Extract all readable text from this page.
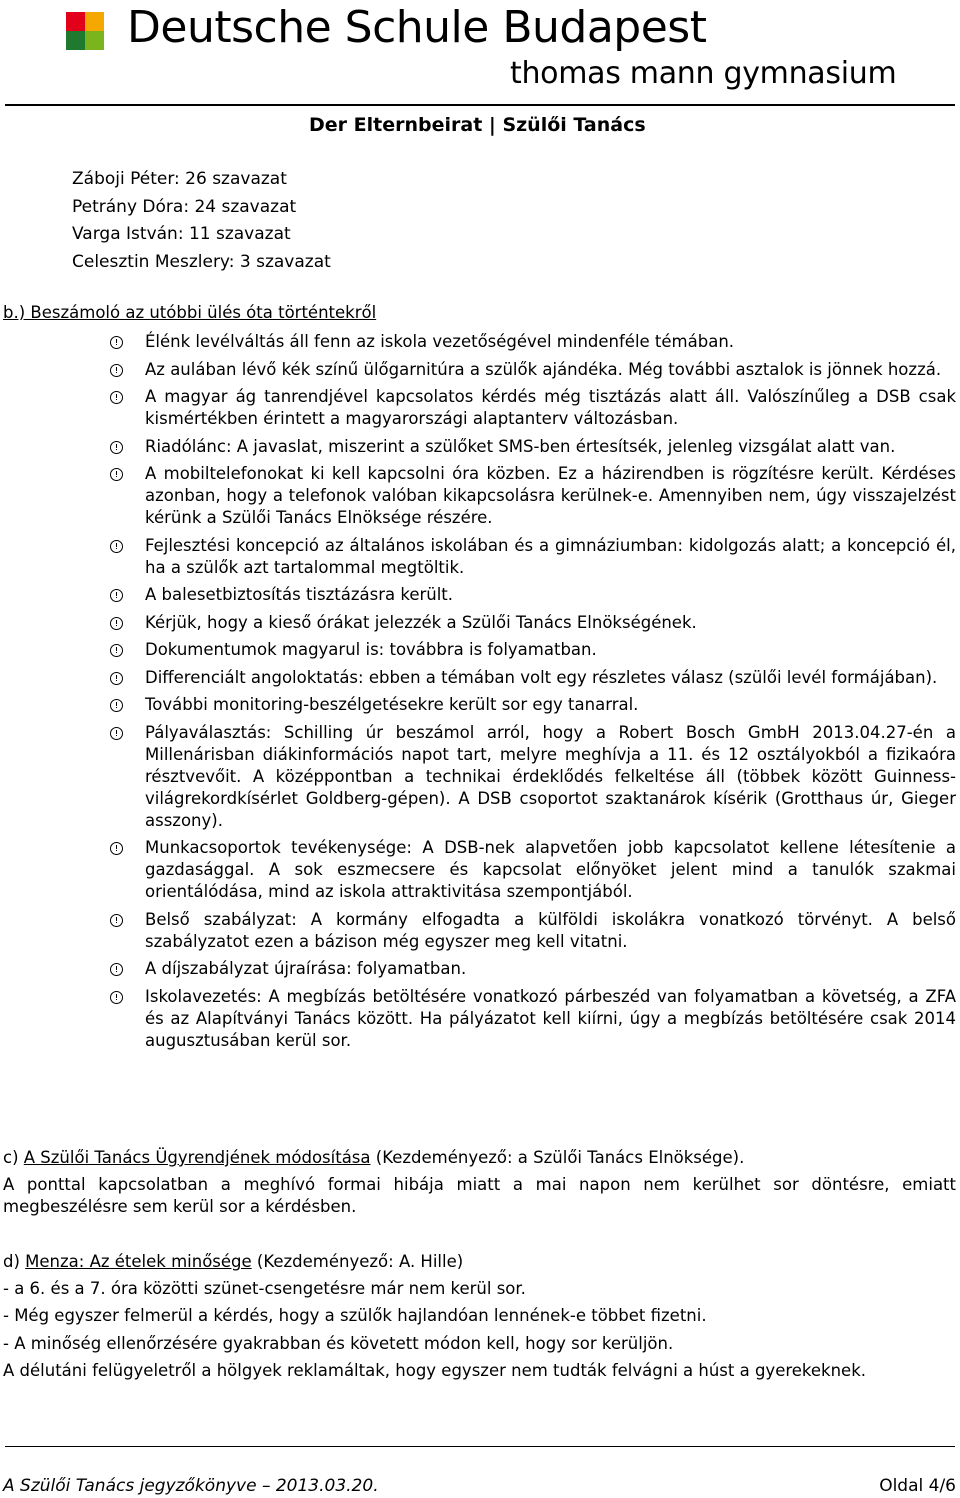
Deutsche Schule Budapest
thomas mann gymnasium
Der Elternbeirat | Szülői Tanács
Záboji Péter: 26 szavazat
Petrány Dóra: 24 szavazat
Varga István: 11 szavazat
Celesztin Meszlery: 3 szavazat
b.) Beszámoló az utóbbi ülés óta történtekről
Élénk levélváltás áll fenn az iskola vezetőségével mindenféle témában.
Az aulában lévő kék színű ülőgarnitúra a szülők ajándéka. Még további asztalok is jönnek hozzá.
A magyar ág tanrendjével kapcsolatos kérdés még tisztázás alatt áll. Valószínűleg a DSB csak kismértékben érintett a magyarországi alaptanterv változásban.
Riadólánc: A javaslat, miszerint a szülőket SMS-ben értesítsék, jelenleg vizsgálat alatt van.
A mobiltelefonokat ki kell kapcsolni óra közben. Ez a házirendben is rögzítésre került. Kérdéses azonban, hogy a telefonok valóban kikapcsolásra kerülnek-e. Amennyiben nem, úgy visszajelzést kérünk a Szülői Tanács Elnöksége részére.
Fejlesztési koncepció az általános iskolában és a gimnáziumban: kidolgozás alatt; a koncepció él, ha a szülők azt tartalommal megtöltik.
A balesetbiztosítás tisztázásra került.
Kérjük, hogy a kieső órákat jelezzék a Szülői Tanács Elnökségének.
Dokumentumok magyarul is: továbbra is folyamatban.
Differenciált angoloktatás: ebben a témában volt egy részletes válasz (szülői levél formájában).
További monitoring-beszélgetésekre került sor egy tanarral.
Pályaválasztás: Schilling úr beszámol arról, hogy a Robert Bosch GmbH 2013.04.27-én a Millenárisban diákinformációs napot tart, melyre meghívja a 11. és 12 osztályokból a fizikaóra résztvevőit. A középpontban a technikai érdeklődés felkeltése áll (többek között Guinness-világrekordkísérlet Goldberg-gépen). A DSB csoportot szaktanárok kísérik (Grotthaus úr, Gieger asszony).
Munkacsoportok tevékenysége: A DSB-nek alapvetően jobb kapcsolatot kellene létesítenie a gazdasággal. A sok eszmecsere és kapcsolat előnyöket jelent mind a tanulók szakmai orientálódása, mind az iskola attraktivitása szempontjából.
Belső szabályzat: A kormány elfogadta a külföldi iskolákra vonatkozó törvényt. A belső szabályzatot ezen a bázison még egyszer meg kell vitatni.
A díjszabályzat újraírása: folyamatban.
Iskolavezetés: A megbízás betöltésére vonatkozó párbeszéd van folyamatban a követség, a ZFA és az Alapítványi Tanács között. Ha pályázatot kell kiírni, úgy a megbízás betöltésére csak 2014 augusztusában kerül sor.
c) A Szülői Tanács Ügyrendjének módosítása (Kezdeményező: a Szülői Tanács Elnöksége).
A ponttal kapcsolatban a meghívó formai hibája miatt a mai napon nem kerülhet sor döntésre, emiatt megbeszélésre sem kerül sor a kérdésben.
d) Menza: Az ételek minősége (Kezdeményező: A. Hille)
- a 6. és a 7. óra közötti szünet-csengetésre már nem kerül sor.
- Még egyszer felmerül a kérdés, hogy a szülők hajlandóan lennének-e többet fizetni.
- A minőség ellenőrzésére gyakrabban és követett módon kell, hogy sor kerüljön.
A délutáni felügyeletről a hölgyek reklamáltak, hogy egyszer nem tudták felvágni a húst a gyerekeknek.
A Szülői Tanács jegyzőkönyve – 2013.03.20.	Oldal 4/6
